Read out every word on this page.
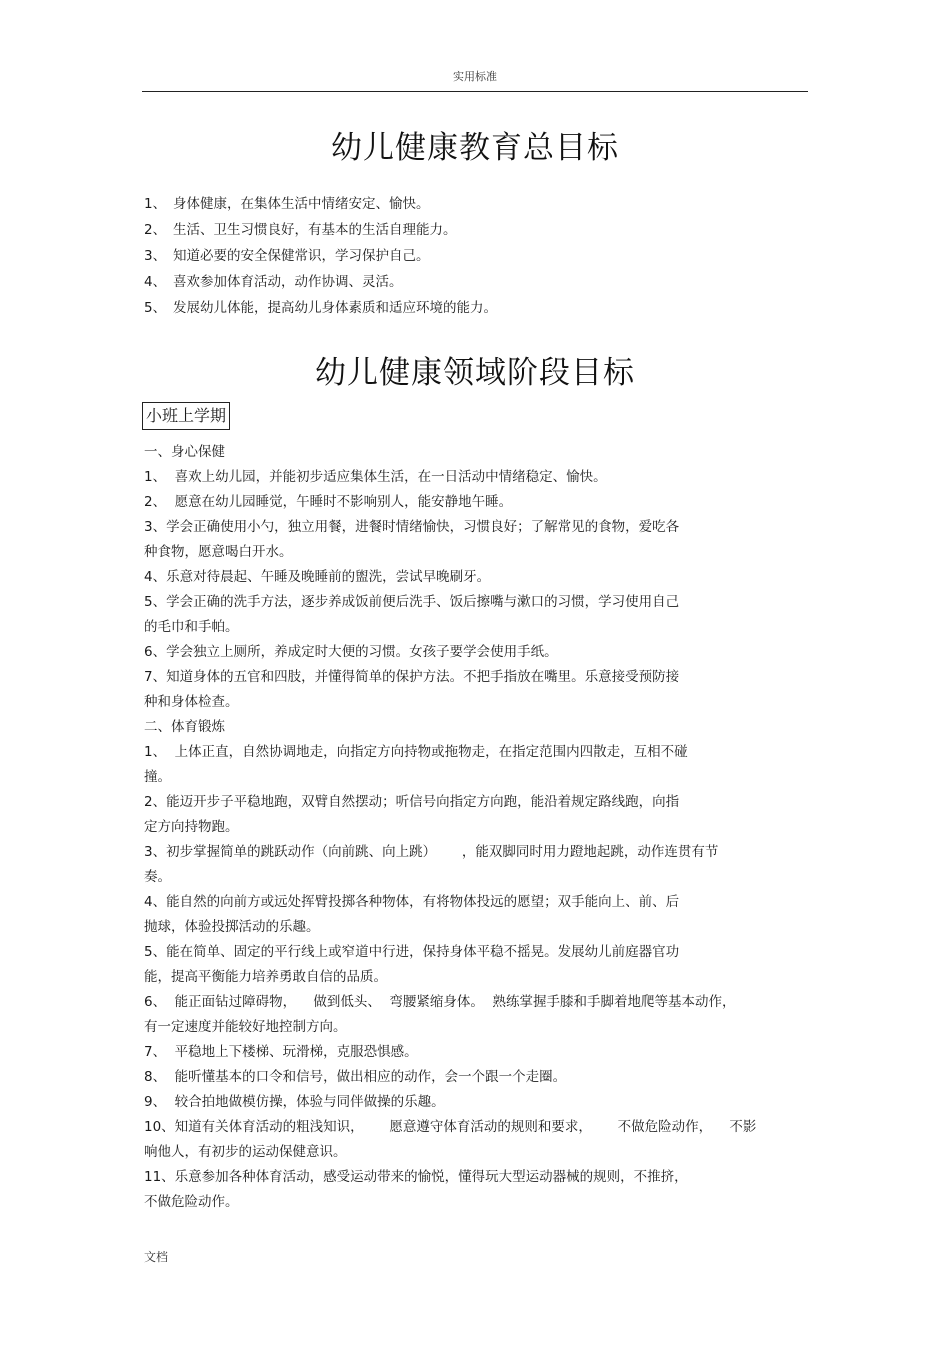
实用标准
幼儿健康教育总目标
1、 身体健康，在集体生活中情绪安定、愉快。
2、 生活、卫生习惯良好，有基本的生活自理能力。
3、 知道必要的安全保健常识，学习保护自己。
4、 喜欢参加体育活动，动作协调、灵活。
5、 发展幼儿体能，提高幼儿身体素质和适应环境的能力。
幼儿健康领域阶段目标
小班上学期
一、身心保健
1、  喜欢上幼儿园，并能初步适应集体生活，在一日活动中情绪稳定、愉快。
2、  愿意在幼儿园睡觉，午睡时不影响别人，能安静地午睡。
3、学会正确使用小勺，独立用餐，进餐时情绪愉快，习惯良好；了解常见的食物，爱吃各
种食物，愿意喝白开水。
4、乐意对待晨起、午睡及晚睡前的盥洗，尝试早晚刷牙。
5、学会正确的洗手方法，逐步养成饭前便后洗手、饭后擦嘴与漱口的习惯，学习使用自己
的毛巾和手帕。
6、学会独立上厕所，养成定时大便的习惯。女孩子要学会使用手纸。
7、知道身体的五官和四肢，并懂得简单的保护方法。不把手指放在嘴里。乐意接受预防接
种和身体检查。
二、体育锻炼
1、  上体正直，自然协调地走，向指定方向持物或拖物走，在指定范围内四散走，互相不碰
撞。
2、能迈开步子平稳地跑，双臂自然摆动；听信号向指定方向跑，能沿着规定路线跑，向指
定方向持物跑。
3、初步掌握简单的跳跃动作（向前跳、向上跳）      ，能双脚同时用力蹬地起跳，动作连贯有节
奏。
4、能自然的向前方或远处挥臂投掷各种物体，有将物体投远的愿望；双手能向上、前、后
抛球，体验投掷活动的乐趣。
5、能在简单、固定的平行线上或窄道中行进，保持身体平稳不摇晃。发展幼儿前庭器官功
能，提高平衡能力培养勇敢自信的品质。
6、  能正面钻过障碍物，    做到低头、  弯腰紧缩身体。  熟练掌握手膝和手脚着地爬等基本动作，
有一定速度并能较好地控制方向。
7、  平稳地上下楼梯、玩滑梯，克服恐惧感。
8、  能听懂基本的口令和信号，做出相应的动作，会一个跟一个走圈。
9、  较合拍地做模仿操，体验与同伴做操的乐趣。
10、知道有关体育活动的粗浅知识，      愿意遵守体育活动的规则和要求，      不做危险动作，    不影
响他人，有初步的运动保健意识。
11、乐意参加各种体育活动，感受运动带来的愉悦，懂得玩大型运动器械的规则，不推挤，
不做危险动作。
文档
